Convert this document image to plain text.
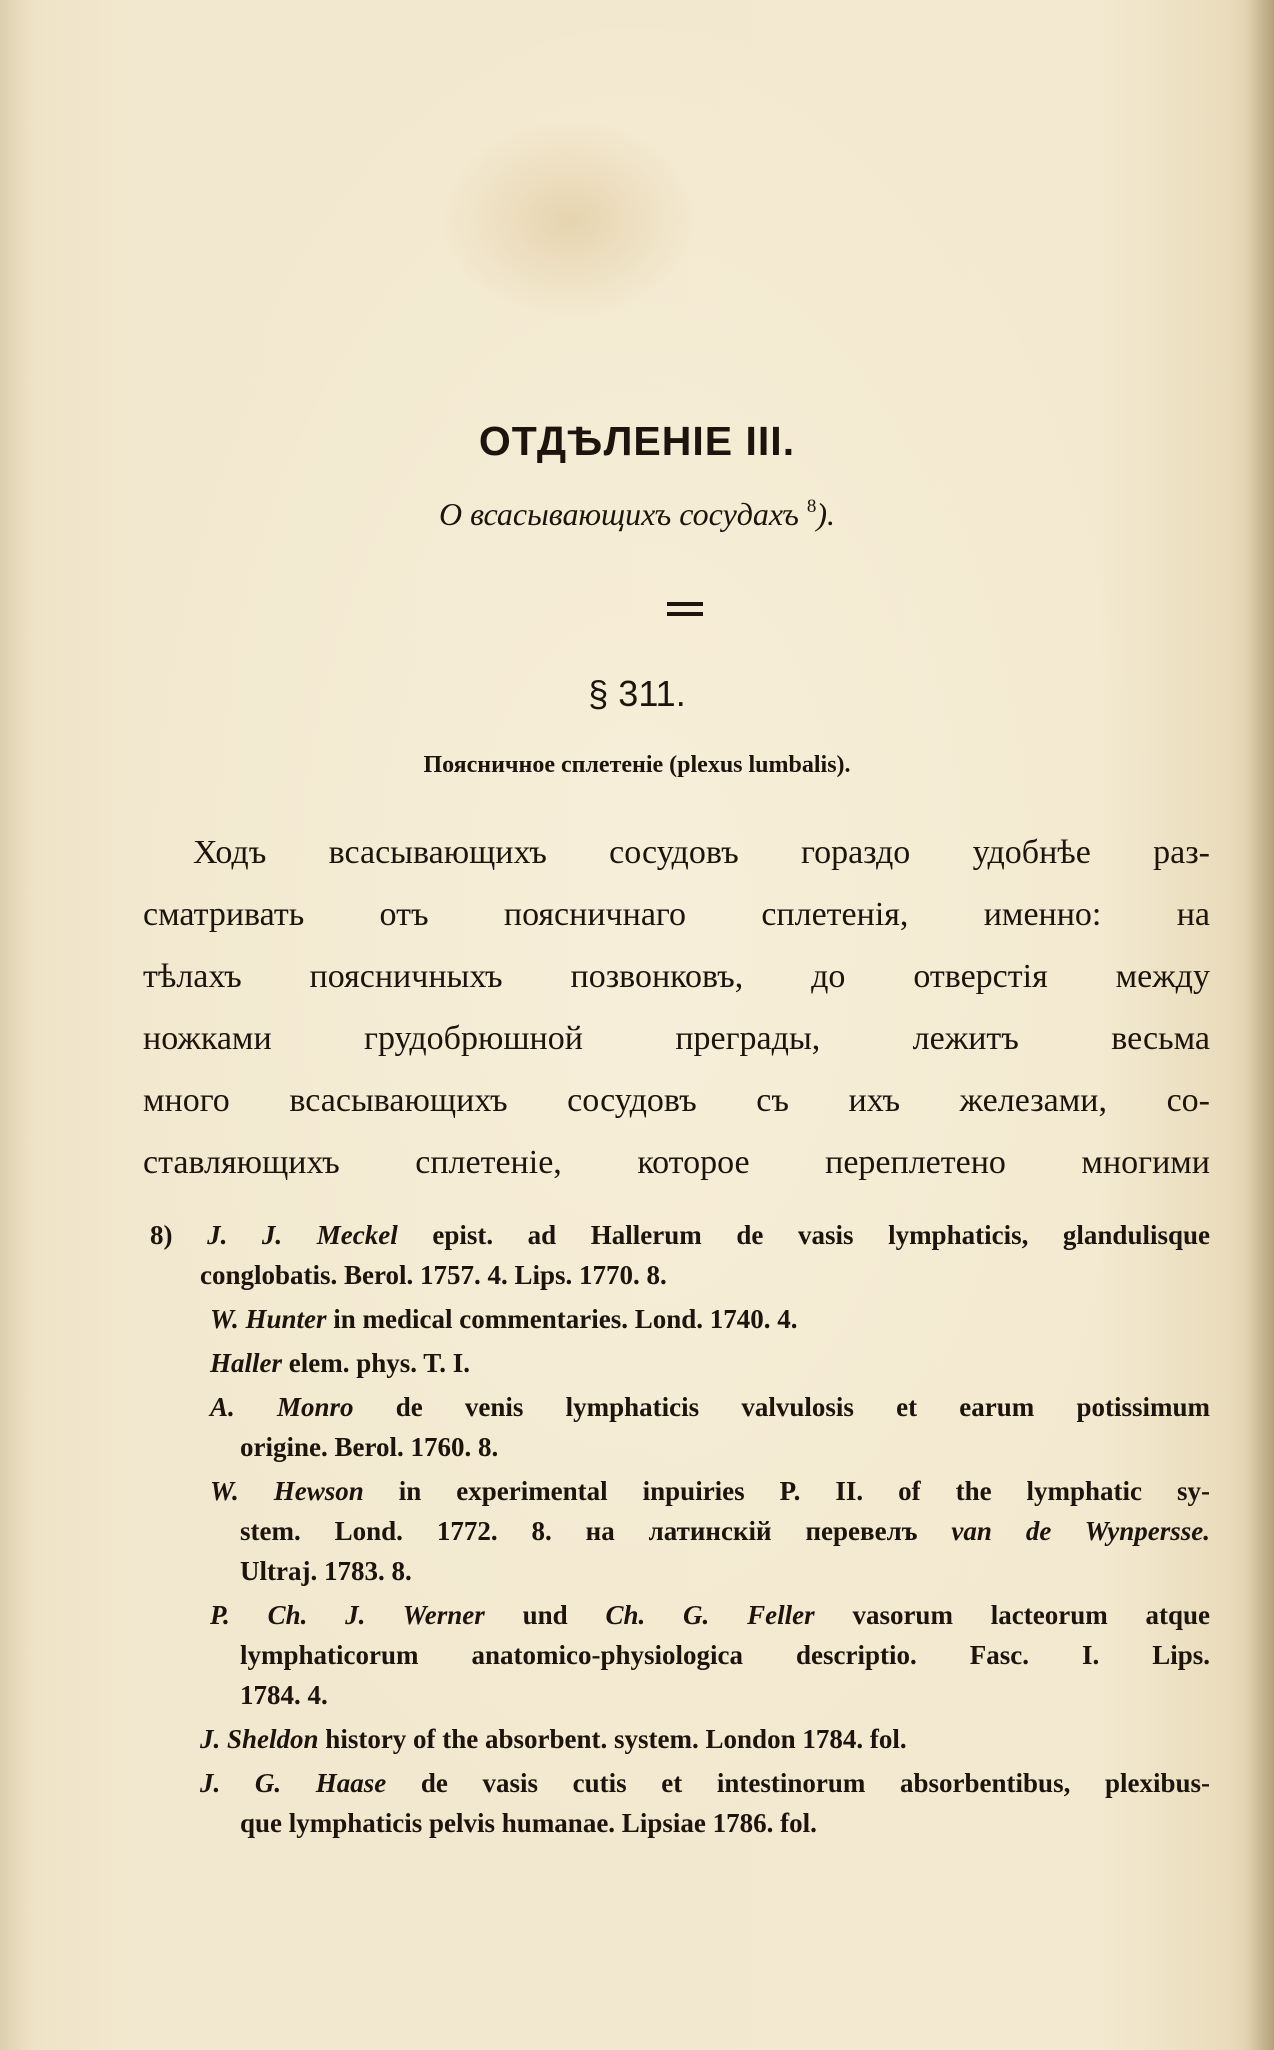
ОТДѢЛЕНІЕ III.
О всасывающихъ сосудахъ $^8$).
§ 311.
Поясничное сплетеніе (plexus lumbalis).
Ходъ всасывающихъ сосудовъ гораздо удобнѣе раз-
сматривать отъ поясничнаго сплетенія, именно: на
тѣлахъ поясничныхъ позвонковъ, до отверстія между
ножками грудобрюшной преграды, лежитъ весьма
много всасывающихъ сосудовъ съ ихъ железами, со-
ставляющихъ сплетеніе, которое переплетено многими
8) J. J. Meckel epist. ad Hallerum de vasis lymphaticis, glandulisque
conglobatis. Berol. 1757. 4. Lips. 1770. 8.
W. Hunter in medical commentaries. Lond. 1740. 4.
Haller elem. phys. T. I.
A. Monro de venis lymphaticis valvulosis et earum potissimum
origine. Berol. 1760. 8.
W. Hewson in experimental inpuiries P. II. of the lymphatic sy-
stem. Lond. 1772. 8. на латинскій перевелъ van de Wynpersse.
Ultraj. 1783. 8.
P. Ch. J. Werner und Ch. G. Feller vasorum lacteorum atque
lymphaticorum anatomico-physiologica descriptio. Fasc. I. Lips.
1784. 4.
J. Sheldon history of the absorbent. system. London 1784. fol.
J. G. Haase de vasis cutis et intestinorum absorbentibus, plexibus-
que lymphaticis pelvis humanae. Lipsiae 1786. fol.
